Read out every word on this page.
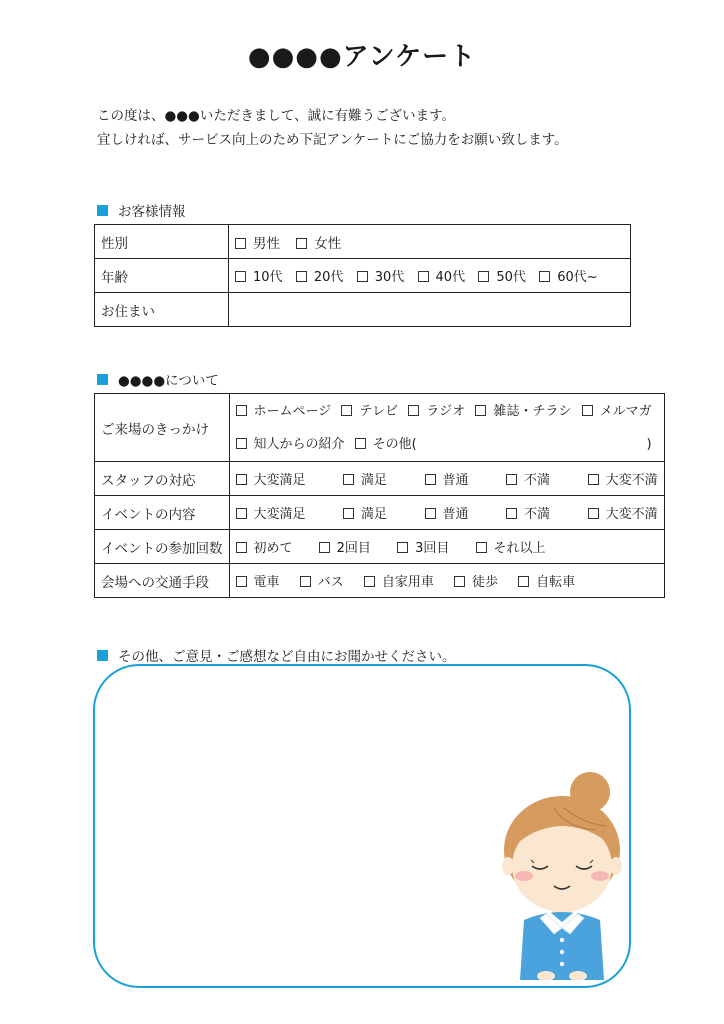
●●●●アンケート
この度は、●●●いただきまして、誠に有難うございます。
宜しければ、サービス向上のため下記アンケートにご協力をお願い致します。
お客様情報
性別	男性 女性
年齢	10代 20代 30代 40代 50代 60代~
お住まい	
●●●●について
ご来場のきっかけ	ホームページ テレビ ラジオ 雑誌・チラシ メルマガ
知人からの紹介 その他( )

スタッフの対応	大変満足 満足 普通 不満 大変不満

イベントの内容	大変満足 満足 普通 不満 大変不満

イベントの参加回数	初めて 2回目 3回目 それ以上
会場への交通手段	電車 バス 自家用車 徒歩 自転車
その他、ご意見・ご感想など自由にお聞かせください。
